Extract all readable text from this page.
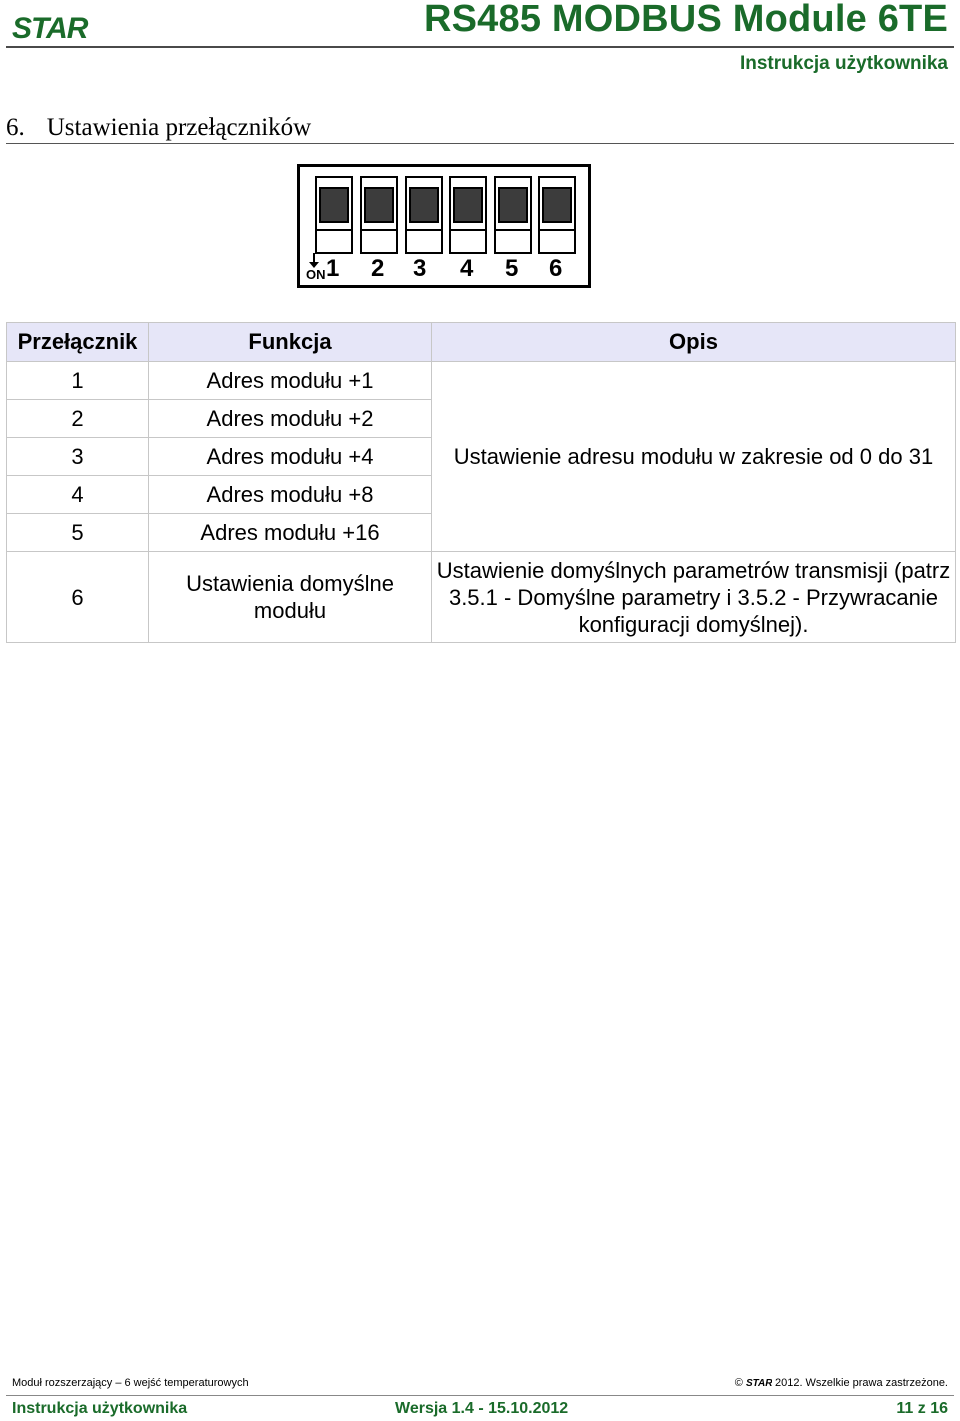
STAR	RS485 MODBUS Module 6TE
Instrukcja użytkownika
6. Ustawienia przełączników
ON 1 2 3 4 5 6
Przełącznik	Funkcja	Opis
1	Adres modułu +1	Ustawienie adresu modułu w zakresie od 0 do 31
2	Adres modułu +2	
3	Adres modułu +4	
4	Adres modułu +8	
5	Adres modułu +16	
6	Ustawienia domyślne modułu	Ustawienie domyślnych parametrów transmisji (patrz 3.5.1 - Domyślne parametry i 3.5.2 - Przywracanie konfiguracji domyślnej).
Moduł rozszerzający – 6 wejść temperaturowych	© STAR 2012. Wszelkie prawa zastrzeżone.
Instrukcja użytkownika	Wersja 1.4 - 15.10.2012	11 z 16
